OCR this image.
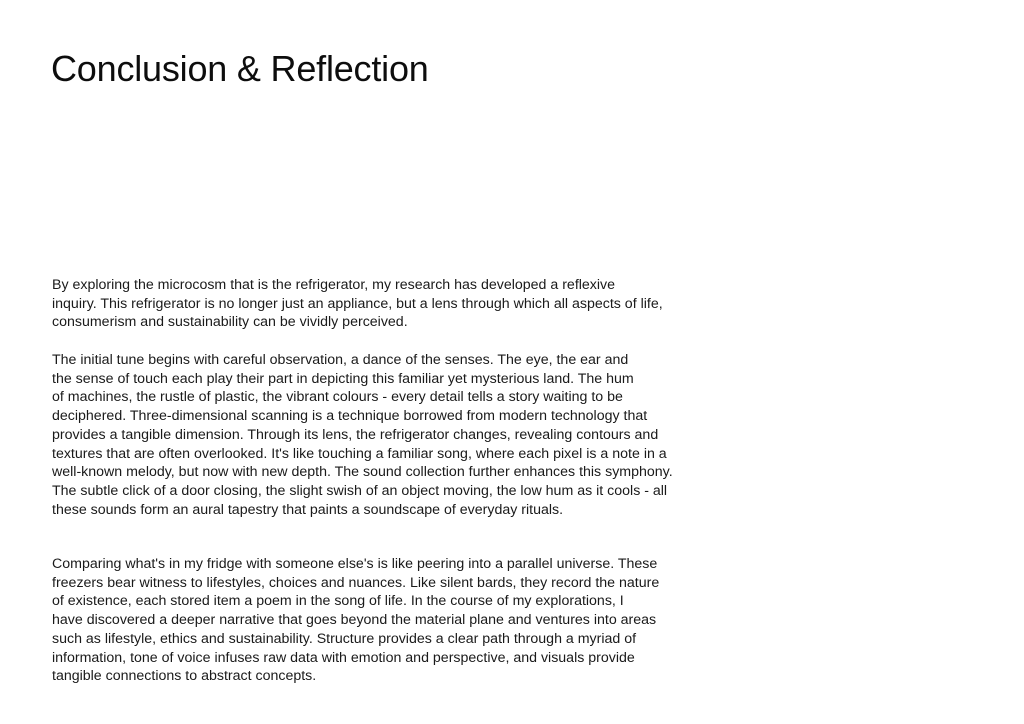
Conclusion & Reflection
By exploring the microcosm that is the refrigerator, my research has developed a reflexive
inquiry. This refrigerator is no longer just an appliance, but a lens through which all aspects of life,
consumerism and sustainability can be vividly perceived.
The initial tune begins with careful observation, a dance of the senses. The eye, the ear and
the sense of touch each play their part in depicting this familiar yet mysterious land. The hum
of machines, the rustle of plastic, the vibrant colours - every detail tells a story waiting to be
deciphered. Three-dimensional scanning is a technique borrowed from modern technology that
provides a tangible dimension. Through its lens, the refrigerator changes, revealing contours and
textures that are often overlooked. It's like touching a familiar song, where each pixel is a note in a
well-known melody, but now with new depth. The sound collection further enhances this symphony.
The subtle click of a door closing, the slight swish of an object moving, the low hum as it cools - all
these sounds form an aural tapestry that paints a soundscape of everyday rituals.
Comparing what's in my fridge with someone else's is like peering into a parallel universe. These
freezers bear witness to lifestyles, choices and nuances. Like silent bards, they record the nature
of existence, each stored item a poem in the song of life. In the course of my explorations, I
have discovered a deeper narrative that goes beyond the material plane and ventures into areas
such as lifestyle, ethics and sustainability. Structure provides a clear path through a myriad of
information, tone of voice infuses raw data with emotion and perspective, and visuals provide
tangible connections to abstract concepts.
